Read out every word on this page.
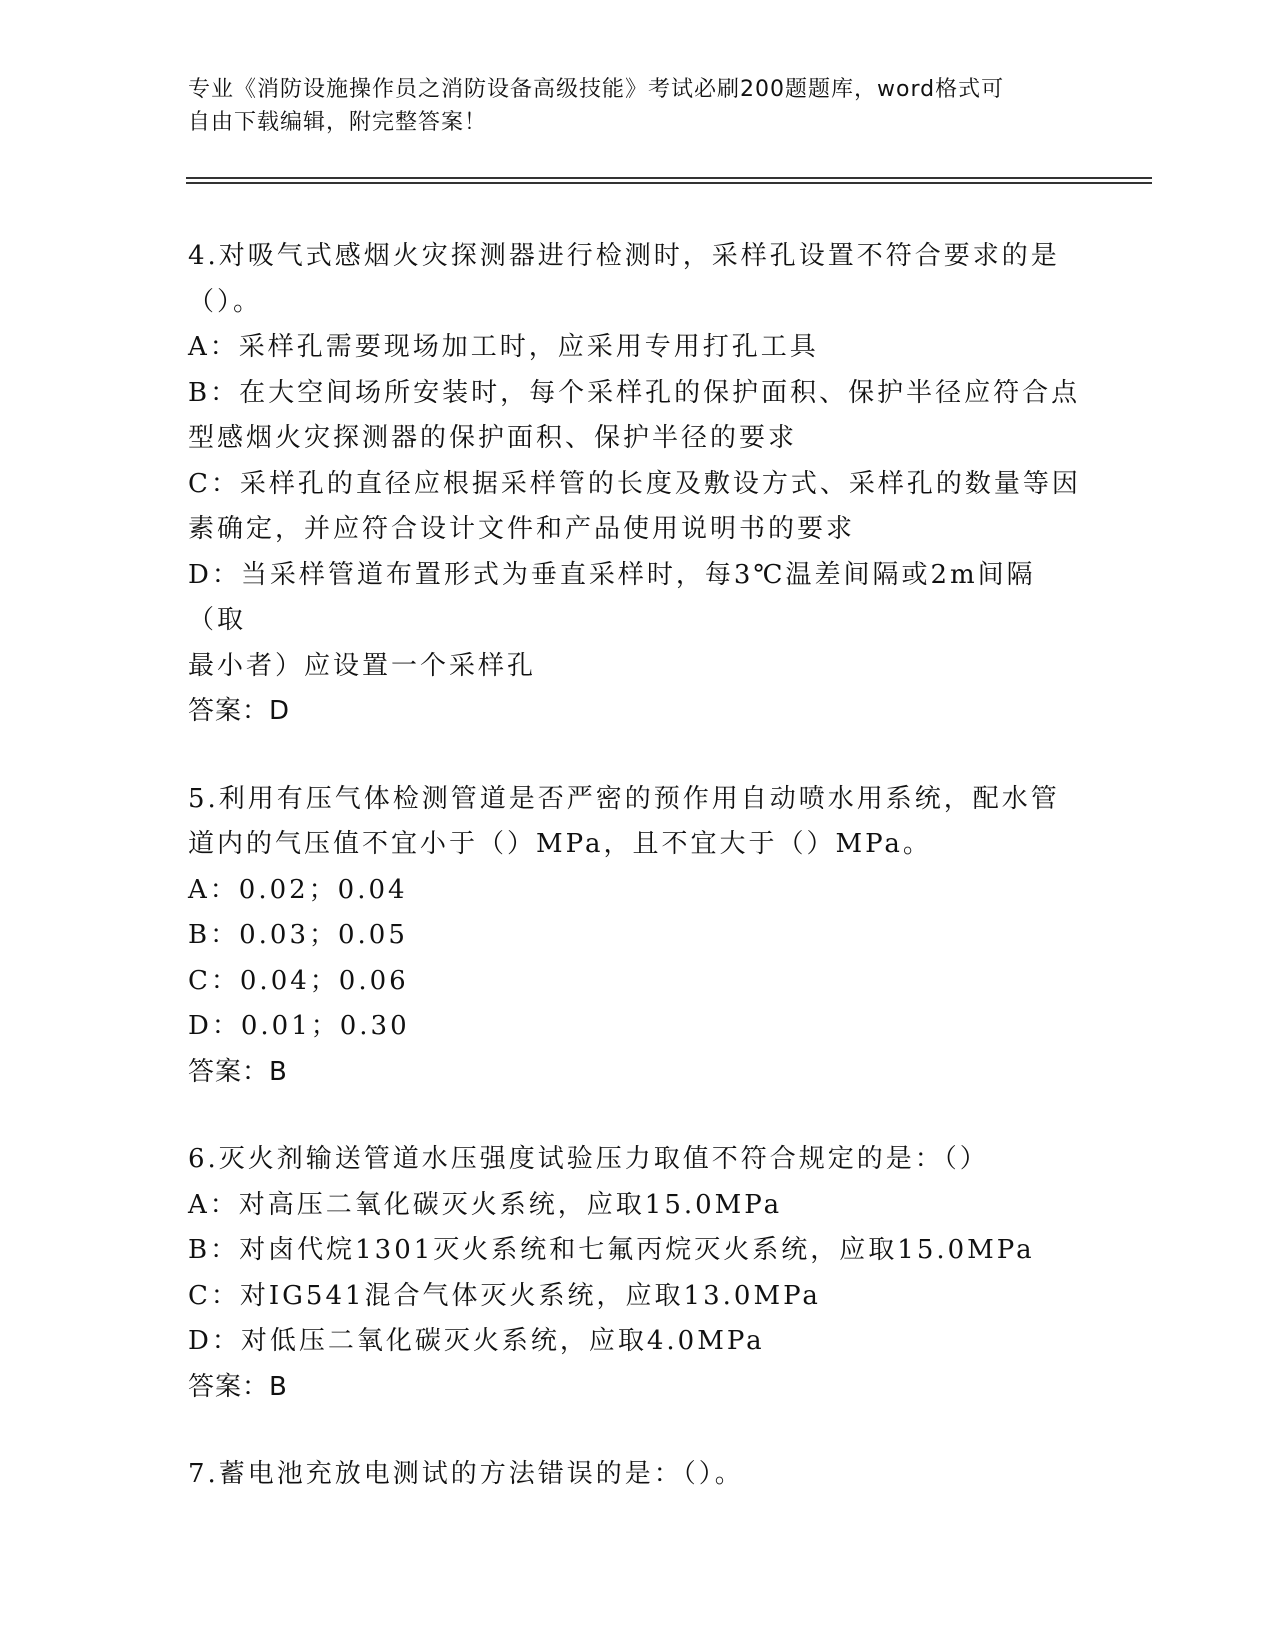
专业《消防设施操作员之消防设备高级技能》考试必刷200题题库，word格式可
自由下载编辑，附完整答案！

4.对吸气式感烟火灾探测器进行检测时，采样孔设置不符合要求的是

（）。

A：采样孔需要现场加工时，应采用专用打孔工具

B：在大空间场所安装时，每个采样孔的保护面积、保护半径应符合点

型感烟火灾探测器的保护面积、保护半径的要求

C：采样孔的直径应根据采样管的长度及敷设方式、采样孔的数量等因

素确定，并应符合设计文件和产品使用说明书的要求

D：当采样管道布置形式为垂直采样时，每3℃温差间隔或2m间隔（取

最小者）应设置一个采样孔

答案：D

5.利用有压气体检测管道是否严密的预作用自动喷水用系统，配水管

道内的气压值不宜小于（）MPa，且不宜大于（）MPa。

A：0.02；0.04

B：0.03；0.05

C：0.04；0.06

D：0.01；0.30

答案：B

6.灭火剂输送管道水压强度试验压力取值不符合规定的是：（）

A：对高压二氧化碳灭火系统，应取15.0MPa

B：对卤代烷1301灭火系统和七氟丙烷灭火系统，应取15.0MPa

C：对IG541混合气体灭火系统，应取13.0MPa

D：对低压二氧化碳灭火系统，应取4.0MPa

答案：B

7.蓄电池充放电测试的方法错误的是：（）。
